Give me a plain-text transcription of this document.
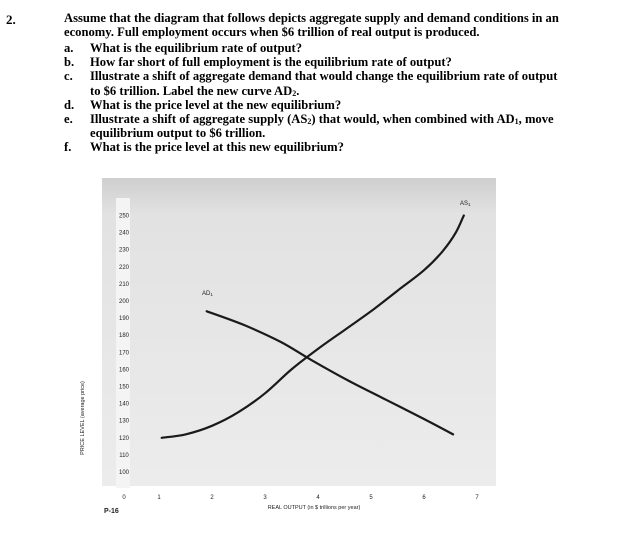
2.	Assume that the diagram that follows depicts aggregate supply and demand conditions in an

economy. Full employment occurs when $6 trillion of real output is produced.

a.	What is the equilibrium rate of output?

b.	How far short of full employment is the equilibrium rate of output?

c.	Illustrate a shift of aggregate demand that would change the equilibrium rate of output
to $6 trillion. Label the new curve $AD_2$.

d.	What is the price level at the new equilibrium?

e.	Illustrate a shift of aggregate supply $(AS_2)$ that would, when combined with $AD_1$, move
equilibrium output to $6 trillion.

f.	What is the price level at this new equilibrium?

250
240
230
220
210
200
190
180
170
160
150
140
130
120
110
100
1	2	3	4	5	6	7
PRICE LEVEL (average price)
0
REAL OUTPUT (in $ trillions per year)
P-16
AD1
AS1
